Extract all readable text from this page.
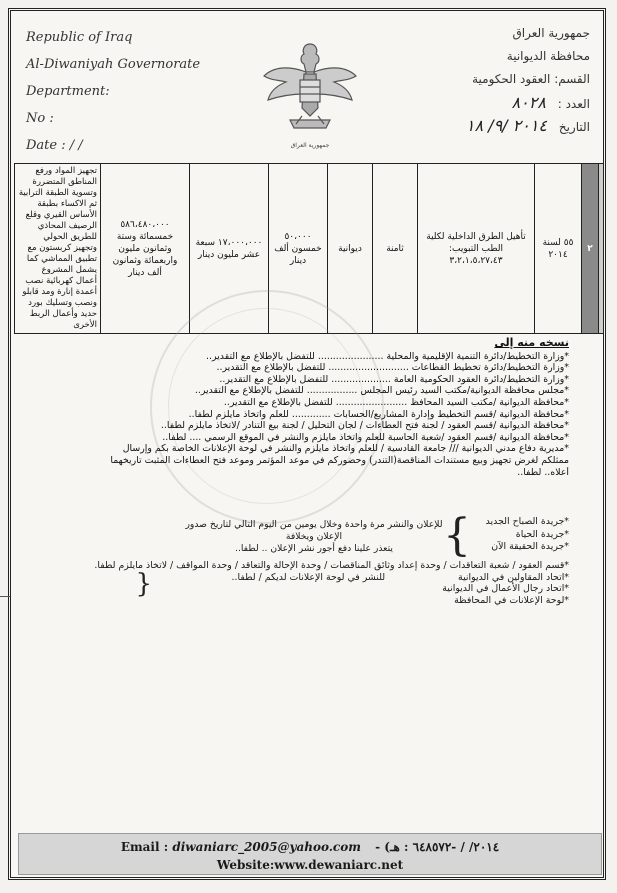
Republic of Iraq
Al-Diwaniyah Governorate
Department:
No :
Date : / /	جمهورية العراق
جمهورية العراق
محافظة الديوانية
القسم: العقود الحكومية
العدد : ٨٠٢٨
التاريخ ٢٠١٤ /٩/ ١٨
	٢	٥٥ لسنة ٢٠١٤	تأهيل الطرق الداخلية لكلية الطب التبويب: ٣،٢،١،٥،٢٧،٤٣	ثامنة	ديوانية	٥٠،٠٠٠ خمسون ألف دينار	١٧،٠٠٠،٠٠٠ سبعة عشر مليون دينار	٥٨٦،٤٨٠،٠٠٠ خمسمائة وستة وثمانون مليون واربعمائة وثمانون ألف دينار	تجهيز المواد ورفع المناطق المتضررة وتسوية الطبقة الترابية ثم الاكساء بطبقة الأساس القيري وقلع الرصيف المحاذي للطريق الحولي وتجهيز كربستون مع تطبيق المماشي كما يشمل المشروع أعمال كهربائية نصب أعمدة إنارة ومد قابلو ونصب وتسليك بورد حديد وأعمال الربط الأخرى
نسخه منه إلى
*وزارة التخطيط/دائرة التنمية الإقليمية والمحلية ...................... للتفضل بالإطلاع مع التقدير..
*وزارة التخطيط/دائرة تخطيط القطاعات ........................... للتفضل بالإطلاع مع التقدير..
*وزارة التخطيط/دائرة العقود الحكومية العامة .................... للتفضل بالإطلاع مع التقدير..
*مجلس محافظة الديوانية/مكتب السيد رئيس المجلس ................. للتفضل بالإطلاع مع التقدير..
*محافظة الديوانية /مكتب السيد المحافظ ........................ للتفضل بالإطلاع مع التقدير..
*محافظة الديوانية /قسم التخطيط وإدارة المشاريع/الحسابات ............. للعلم واتخاذ مايلزم لطفا..
*محافظة الديوانية /قسم العقود / لجنة فتح العطاءات / لجان التحليل / لجنة بيع التنادر /لاتخاذ مايلزم لطفا..
*محافظة الديوانية /قسم العقود /شعبة الحاسبة للعلم واتخاذ مايلزم والنشر في الموقع الرسمي .... لطفا..
*مديرية دفاع مدني الديوانية /// جامعة القادسية / للعلم واتخاذ مايلزم والنشر في لوحة الإعلانات الخاصة بكم وإرسال
ممثلكم لغرض تجهيز وبيع مستندات المناقصة(التندر) وحضوركم في موعد المؤتمر وموعد فتح العطاءات المثبت تاريخهما
أعلاه.. لطفا..
*جريدة الصباح الجديد
*جريدة الحياة
*جريدة الحقيقة الآن
}
للإعلان والنشر مرة واحدة وخلال يومين من اليوم التالي لتاريخ صدور الإعلان ويخلافة
يتعذر علينا دفع أجور نشر الإعلان .. لطفا..
*قسم العقود / شعبة التعاقدات / وحدة إعداد وثائق المناقصات / وحدة الإحالة والتعاقد / وحدة المواقف / لاتخاذ مايلزم لطفا.
*اتحاد المقاولين في الديوانية للنشر في لوحة الإعلانات لديكم / لطفا..
*اتحاد رجال الأعمال في الديوانية
*لوحة الإعلانات في المحافظة
}
Email : diwaniarc_2005@yahoo.com - (٢٠١٤/ / -٦٤٨٥٧٢ : هـ
Website:www.dewaniarc.net
